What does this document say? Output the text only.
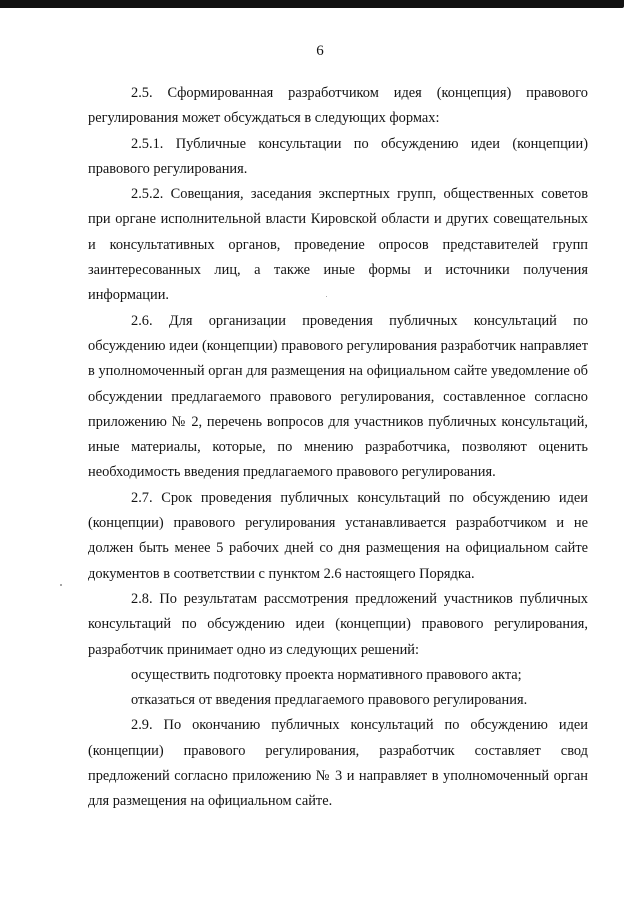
6

2.5. Сформированная разработчиком идея (концепция) правового регулирования может обсуждаться в следующих формах:

2.5.1. Публичные консультации по обсуждению идеи (концепции) правового регулирования.

2.5.2. Совещания, заседания экспертных групп, общественных советов при органе исполнительной власти Кировской области и других совещательных и консультативных органов, проведение опросов представителей групп заинтересованных лиц, а также иные формы и источники получения информации.

2.6. Для организации проведения публичных консультаций по обсуждению идеи (концепции) правового регулирования разработчик направляет в уполномоченный орган для размещения на официальном сайте уведомление об обсуждении предлагаемого правового регулирования, составленное согласно приложению № 2, перечень вопросов для участников публичных консультаций, иные материалы, которые, по мнению разработчика, позволяют оценить необходимость введения предлагаемого правового регулирования.

2.7. Срок проведения публичных консультаций по обсуждению идеи (концепции) правового регулирования устанавливается разработчиком и не должен быть менее 5 рабочих дней со дня размещения на официальном сайте документов в соответствии с пунктом 2.6 настоящего Порядка.

2.8. По результатам рассмотрения предложений участников публичных консультаций по обсуждению идеи (концепции) правового регулирования, разработчик принимает одно из следующих решений:

осуществить подготовку проекта нормативного правового акта;

отказаться от введения предлагаемого правового регулирования.

2.9. По окончанию публичных консультаций по обсуждению идеи (концепции) правового регулирования, разработчик составляет свод предложений согласно приложению № 3 и направляет в уполномоченный орган для размещения на официальном сайте.
